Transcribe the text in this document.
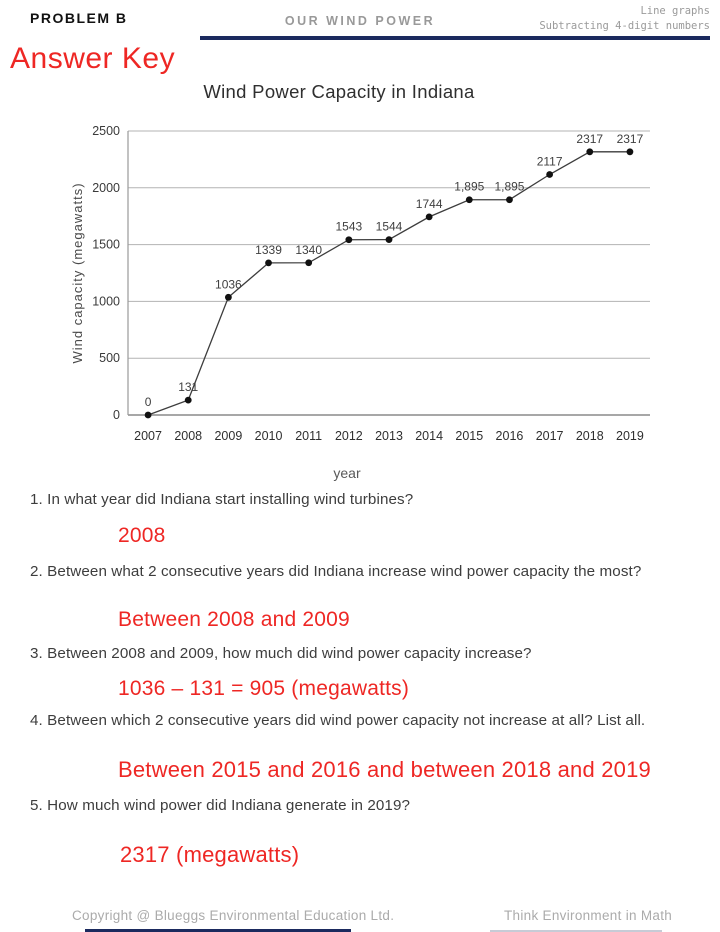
PROBLEM B	OUR WIND POWER
Line graphs
Subtracting 4-digit numbers
Answer Key
Wind Power Capacity in Indiana
0
500
1000
1500
2000
2500
0
2007
131
2008
1036
2009
1339
2010
1340
2011
1543
2012
1544
2013
1744
2014
1,895
2015
1,895
2016
2117
2017
2317
2018
2317
2019
Wind capacity (megawatts)
year
1. In what year did Indiana start installing wind turbines?
2008
2. Between what 2 consecutive years did Indiana increase wind power capacity the most?
Between 2008 and 2009
3. Between 2008 and 2009, how much did wind power capacity increase?
1036 – 131 = 905 (megawatts)
4. Between which 2 consecutive years did wind power capacity not increase at all? List all.
Between 2015 and 2016 and between 2018 and 2019
5. How much wind power did Indiana generate in 2019?
2317 (megawatts)
Copyright @ Blueggs Environmental Education Ltd.	Think Environment in Math
